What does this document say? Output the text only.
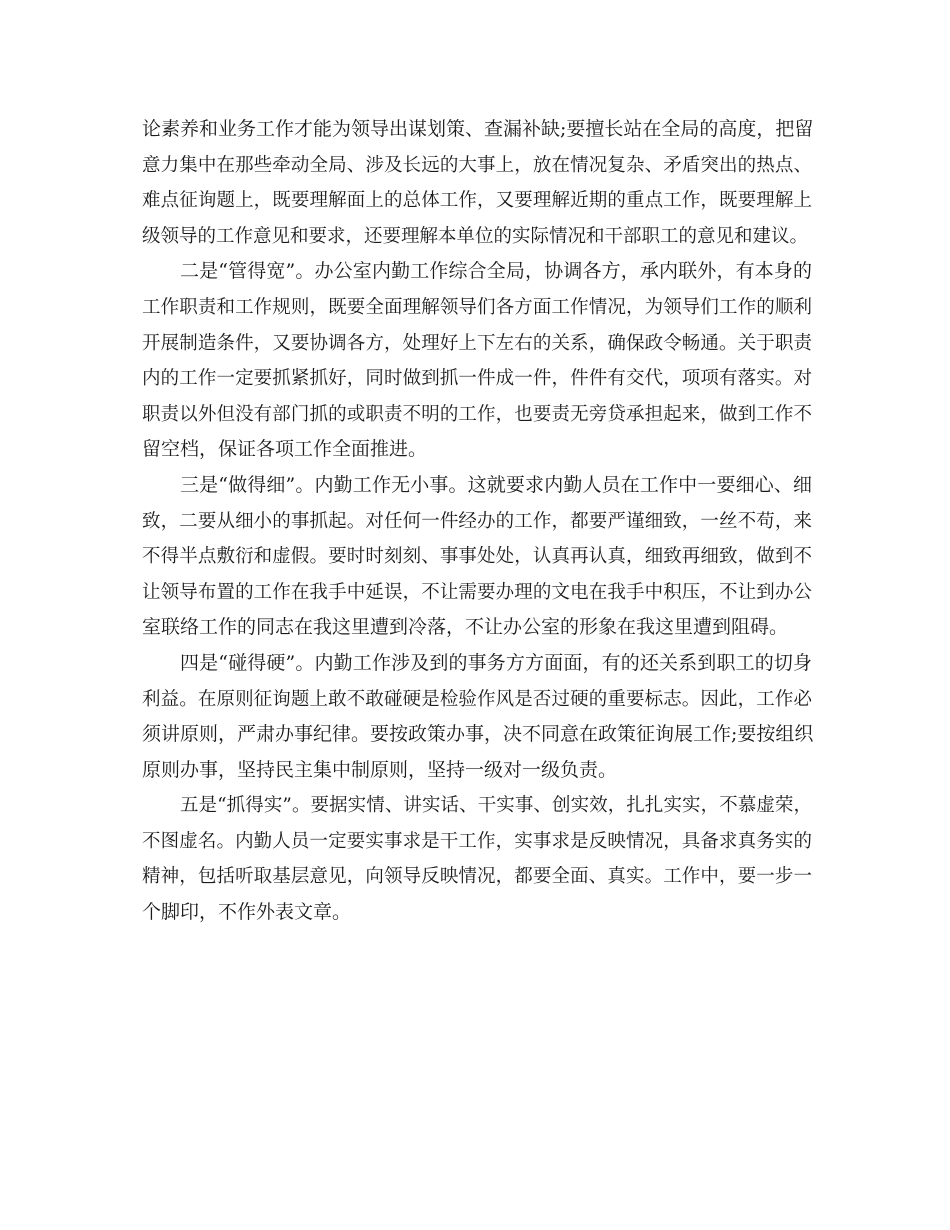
论素养和业务工作才能为领导出谋划策、查漏补缺;要擅长站在全局的高度，把留
意力集中在那些牵动全局、涉及长远的大事上，放在情况复杂、矛盾突出的热点、
难点征询题上，既要理解面上的总体工作，又要理解近期的重点工作，既要理解上
级领导的工作意见和要求，还要理解本单位的实际情况和干部职工的意见和建议。
二是“管得宽”。办公室内勤工作综合全局，协调各方，承内联外，有本身的
工作职责和工作规则，既要全面理解领导们各方面工作情况，为领导们工作的顺利
开展制造条件，又要协调各方，处理好上下左右的关系，确保政令畅通。关于职责
内的工作一定要抓紧抓好，同时做到抓一件成一件，件件有交代，项项有落实。对
职责以外但没有部门抓的或职责不明的工作，也要责无旁贷承担起来，做到工作不
留空档，保证各项工作全面推进。
三是“做得细”。内勤工作无小事。这就要求内勤人员在工作中一要细心、细
致，二要从细小的事抓起。对任何一件经办的工作，都要严谨细致，一丝不苟，来
不得半点敷衍和虚假。要时时刻刻、事事处处，认真再认真，细致再细致，做到不
让领导布置的工作在我手中延误，不让需要办理的文电在我手中积压，不让到办公
室联络工作的同志在我这里遭到冷落，不让办公室的形象在我这里遭到阻碍。
四是“碰得硬”。内勤工作涉及到的事务方方面面，有的还关系到职工的切身
利益。在原则征询题上敢不敢碰硬是检验作风是否过硬的重要标志。因此，工作必
须讲原则，严肃办事纪律。要按政策办事，决不同意在政策征询展工作;要按组织
原则办事，坚持民主集中制原则，坚持一级对一级负责。
五是“抓得实”。要据实情、讲实话、干实事、创实效，扎扎实实，不慕虚荣，
不图虚名。内勤人员一定要实事求是干工作，实事求是反映情况，具备求真务实的
精神，包括听取基层意见，向领导反映情况，都要全面、真实。工作中，要一步一
个脚印，不作外表文章。
